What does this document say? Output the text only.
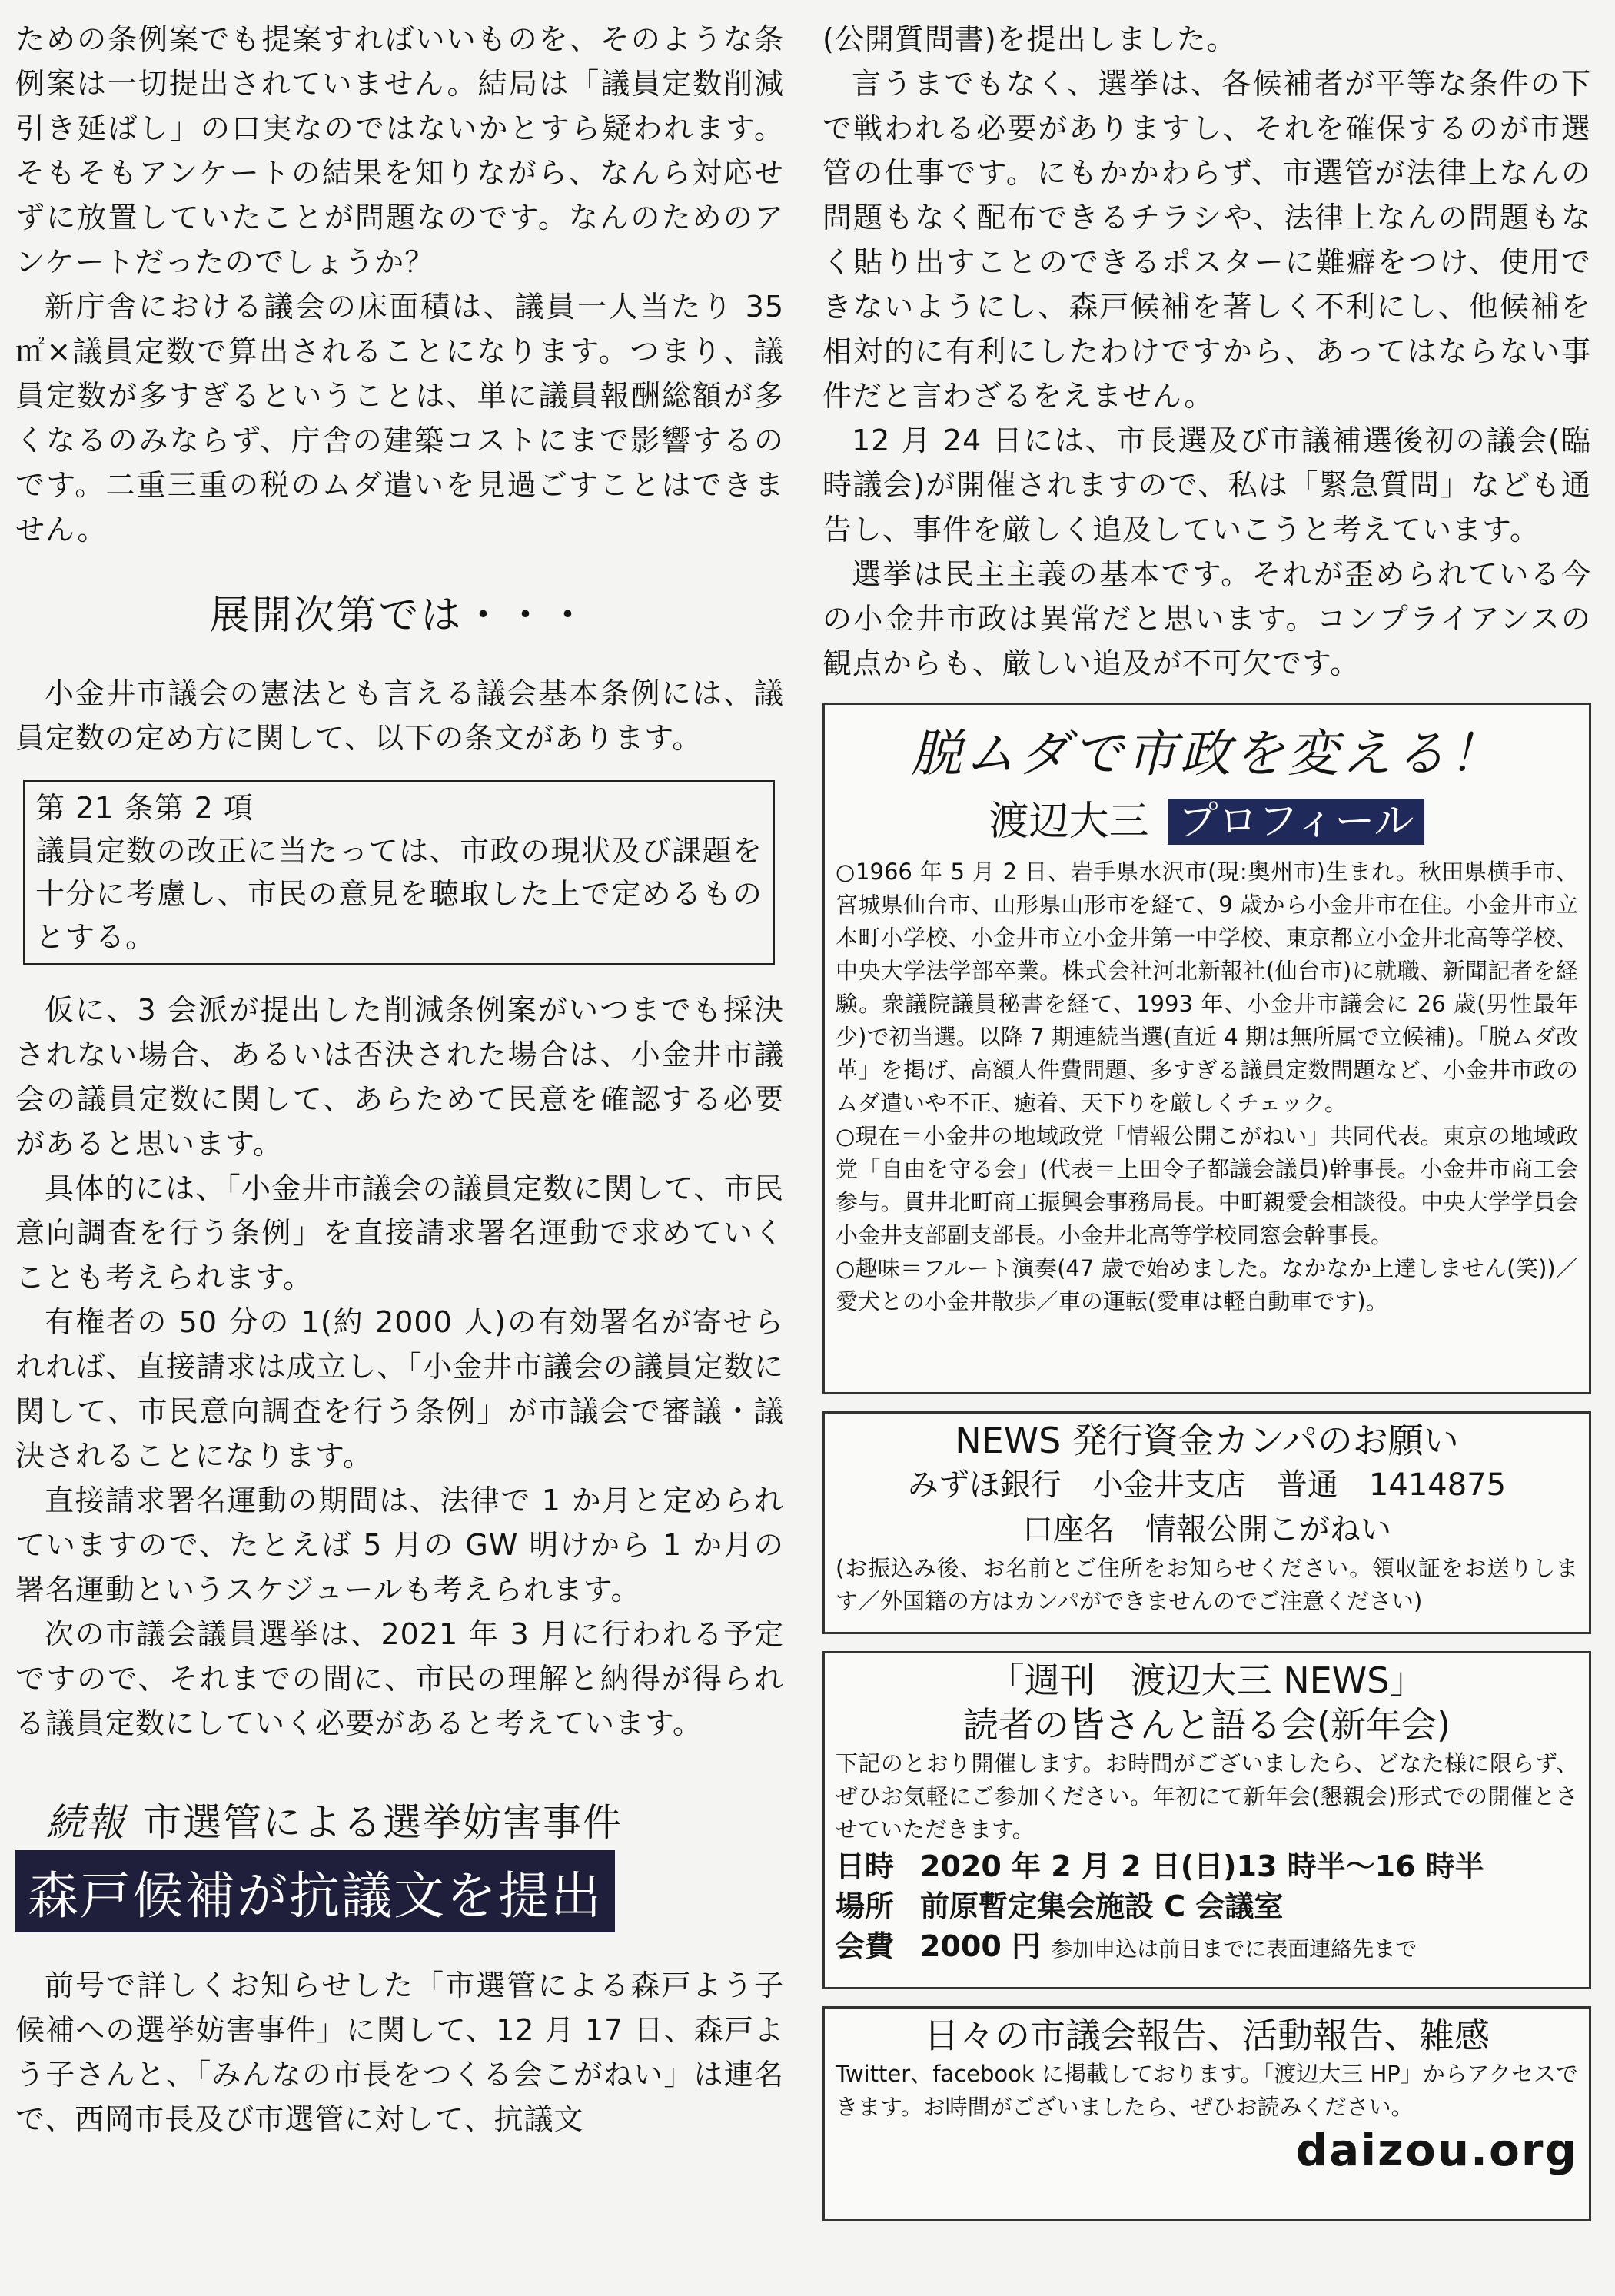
ための条例案でも提案すればいいものを、そのような条例案は一切提出されていません。結局は「議員定数削減引き延ばし」の口実なのではないかとすら疑われます。そもそもアンケートの結果を知りながら、なんら対応せずに放置していたことが問題なのです。なんのためのアンケートだったのでしょうか？

新庁舎における議会の床面積は、議員一人当たり 35 ㎡×議員定数で算出されることになります。つまり、議員定数が多すぎるということは、単に議員報酬総額が多くなるのみならず、庁舎の建築コストにまで影響するのです。二重三重の税のムダ遣いを見過ごすことはできません。

展開次第では・・・

小金井市議会の憲法とも言える議会基本条例には、議員定数の定め方に関して、以下の条文があります。

第 21 条第 2 項

議員定数の改正に当たっては、市政の現状及び課題を十分に考慮し、市民の意見を聴取した上で定めるものとする。

仮に、3 会派が提出した削減条例案がいつまでも採決されない場合、あるいは否決された場合は、小金井市議会の議員定数に関して、あらためて民意を確認する必要があると思います。

具体的には、「小金井市議会の議員定数に関して、市民意向調査を行う条例」を直接請求署名運動で求めていくことも考えられます。

有権者の 50 分の 1(約 2000 人)の有効署名が寄せられれば、直接請求は成立し、「小金井市議会の議員定数に関して、市民意向調査を行う条例」が市議会で審議・議決されることになります。

直接請求署名運動の期間は、法律で 1 か月と定められていますので、たとえば 5 月の GW 明けから 1 か月の署名運動というスケジュールも考えられます。

次の市議会議員選挙は、2021 年 3 月に行われる予定ですので、それまでの間に、市民の理解と納得が得られる議員定数にしていく必要があると考えています。

続報 市選管による選挙妨害事件
森戸候補が抗議文を提出

前号で詳しくお知らせした「市選管による森戸よう子候補への選挙妨害事件」に関して、12 月 17 日、森戸よう子さんと、「みんなの市長をつくる会こがねい」は連名で、西岡市長及び市選管に対して、抗議文

(公開質問書)を提出しました。

言うまでもなく、選挙は、各候補者が平等な条件の下で戦われる必要がありますし、それを確保するのが市選管の仕事です。にもかかわらず、市選管が法律上なんの問題もなく配布できるチラシや、法律上なんの問題もなく貼り出すことのできるポスターに難癖をつけ、使用できないようにし、森戸候補を著しく不利にし、他候補を相対的に有利にしたわけですから、あってはならない事件だと言わざるをえません。

12 月 24 日には、市長選及び市議補選後初の議会(臨時議会)が開催されますので、私は「緊急質問」なども通告し、事件を厳しく追及していこうと考えています。

選挙は民主主義の基本です。それが歪められている今の小金井市政は異常だと思います。コンプライアンスの観点からも、厳しい追及が不可欠です。

脱ムダで市政を変える！
渡辺大三 プロフィール
○1966 年 5 月 2 日、岩手県水沢市(現:奥州市)生まれ。秋田県横手市、宮城県仙台市、山形県山形市を経て、9 歳から小金井市在住。小金井市立本町小学校、小金井市立小金井第一中学校、東京都立小金井北高等学校、中央大学法学部卒業。株式会社河北新報社(仙台市)に就職、新聞記者を経験。衆議院議員秘書を経て、1993 年、小金井市議会に 26 歳(男性最年少)で初当選。以降 7 期連続当選(直近 4 期は無所属で立候補)。「脱ムダ改革」を掲げ、高額人件費問題、多すぎる議員定数問題など、小金井市政のムダ遣いや不正、癒着、天下りを厳しくチェック。
○現在＝小金井の地域政党「情報公開こがねい」共同代表。東京の地域政党「自由を守る会」(代表＝上田令子都議会議員)幹事長。小金井市商工会参与。貫井北町商工振興会事務局長。中町親愛会相談役。中央大学学員会小金井支部副支部長。小金井北高等学校同窓会幹事長。
○趣味＝フルート演奏(47 歳で始めました。なかなか上達しません(笑))／愛犬との小金井散歩／車の運転(愛車は軽自動車です)。
NEWS 発行資金カンパのお願い
みずほ銀行　小金井支店　普通　1414875
口座名　情報公開こがねい
(お振込み後、お名前とご住所をお知らせください。領収証をお送りします／外国籍の方はカンパができませんのでご注意ください)
「週刊　渡辺大三 NEWS」
読者の皆さんと語る会(新年会)
下記のとおり開催します。お時間がございましたら、どなた様に限らず、ぜひお気軽にご参加ください。年初にて新年会(懇親会)形式での開催とさせていただきます。
日時 2020 年 2 月 2 日(日)13 時半～16 時半
場所 前原暫定集会施設 C 会議室
会費 2000 円 参加申込は前日までに表面連絡先まで
日々の市議会報告、活動報告、雑感
Twitter、facebook に掲載しております。「渡辺大三 HP」からアクセスできます。お時間がございましたら、ぜひお読みください。
daizou.org
